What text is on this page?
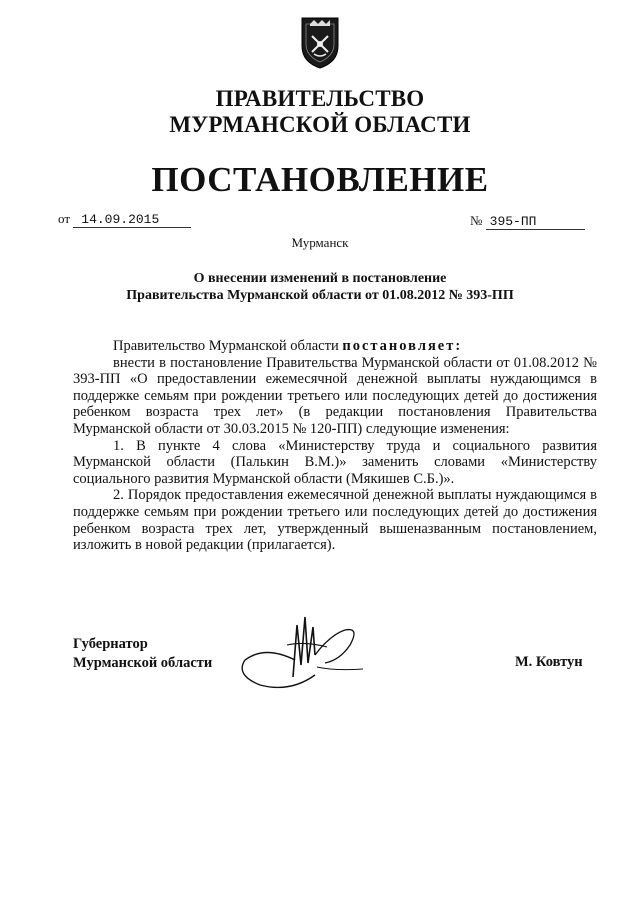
ПРАВИТЕЛЬСТВО
МУРМАНСКОЙ ОБЛАСТИ
ПОСТАНОВЛЕНИЕ
от 14.09.2015	№ 395-ПП
Мурманск
О внесении изменений в постановление
Правительства Мурманской области от 01.08.2012 № 393-ПП

Правительство Мурманской области постановляет:

внести в постановление Правительства Мурманской области от 01.08.2012 № 393-ПП «О предоставлении ежемесячной денежной выплаты нуждающимся в поддержке семьям при рождении третьего или последующих детей до достижения ребенком возраста трех лет» (в редакции постановления Правительства Мурманской области от 30.03.2015 № 120-ПП) следующие изменения:

1. В пункте 4 слова «Министерству труда и социального развития Мурманской области (Палькин В.М.)» заменить словами «Министерству социального развития Мурманской области (Мякишев С.Б.)».

2. Порядок предоставления ежемесячной денежной выплаты нуждающимся в поддержке семьям при рождении третьего или последующих детей до достижения ребенком возраста трех лет, утвержденный вышеназванным постановлением, изложить в новой редакции (прилагается).

Губернатор
Мурманской области	М. Ковтун
